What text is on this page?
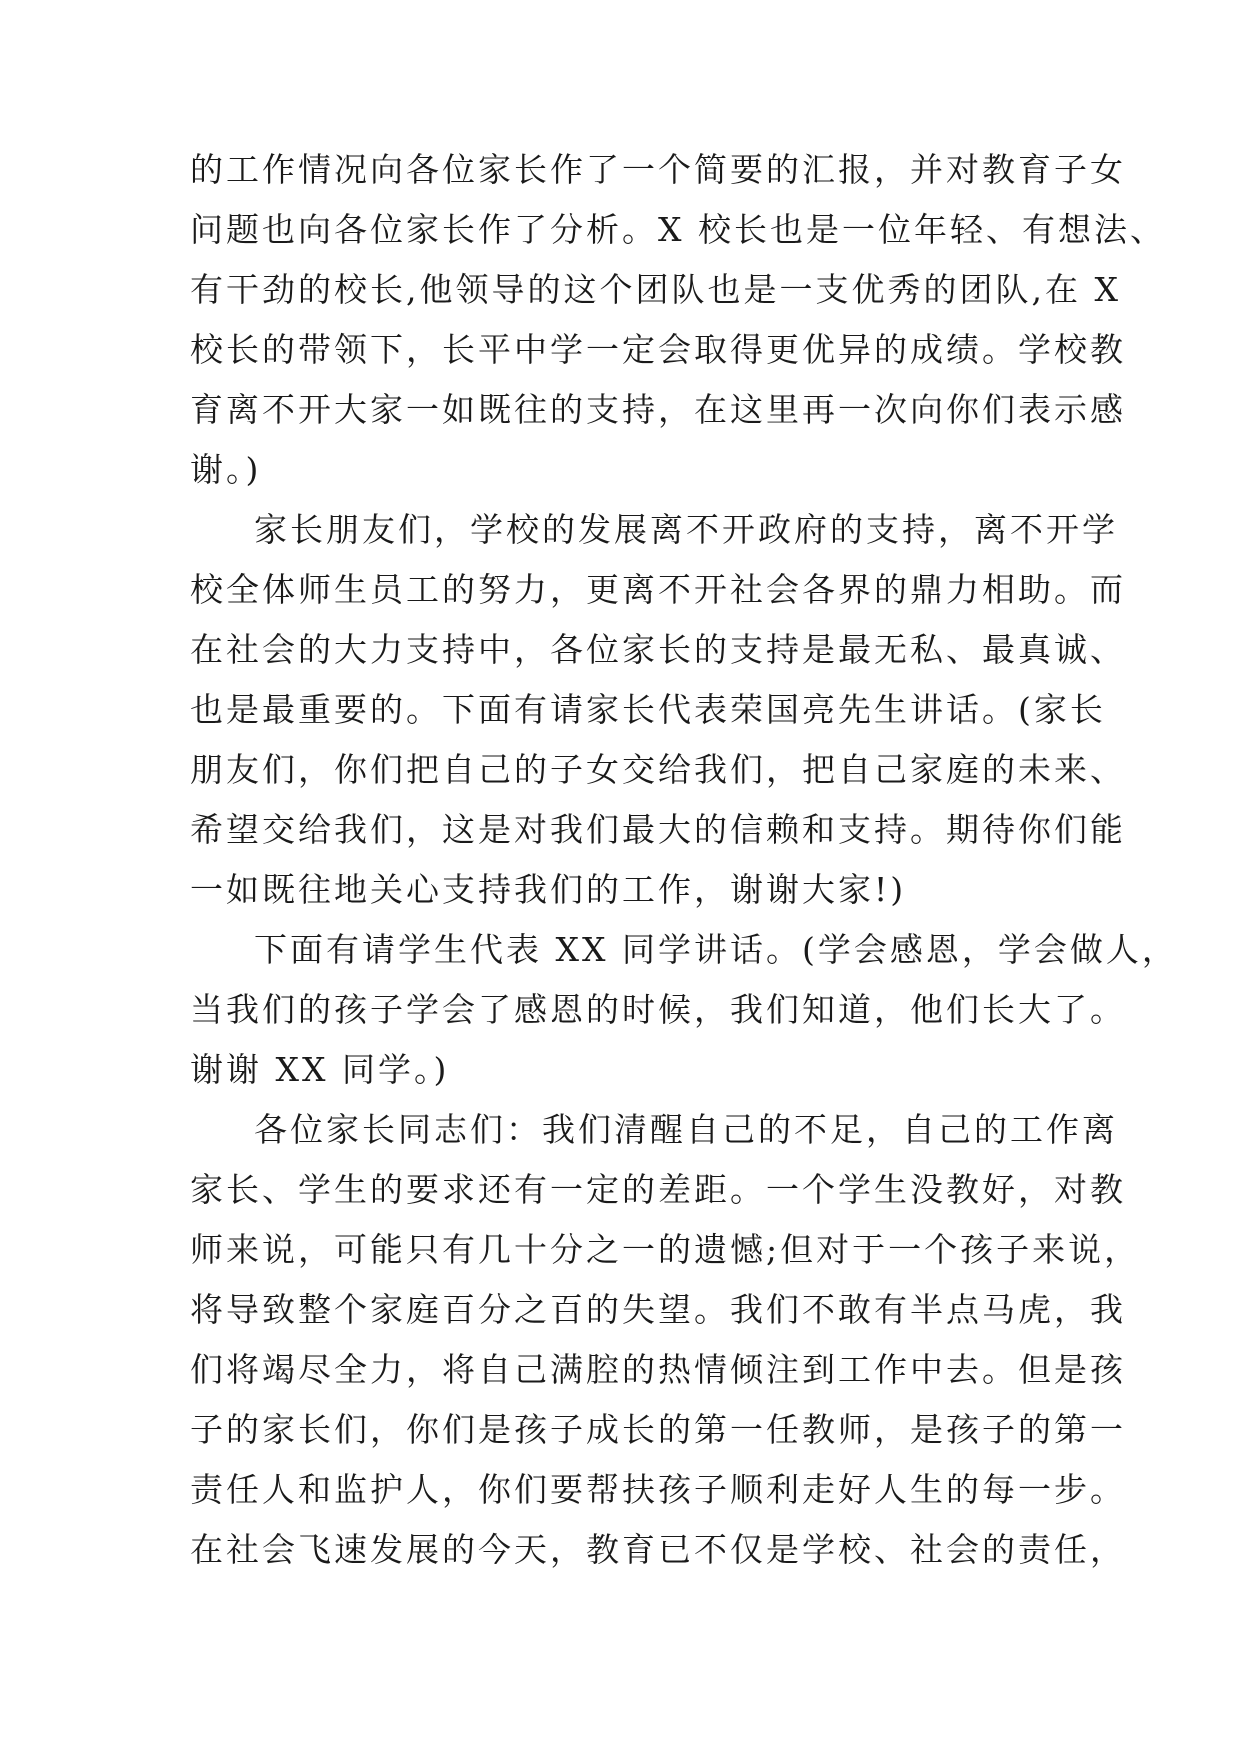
的工作情况向各位家长作了一个简要的汇报，并对教育子女
问题也向各位家长作了分析。X 校长也是一位年轻、有想法、
有干劲的校长,他领导的这个团队也是一支优秀的团队,在 X
校长的带领下，长平中学一定会取得更优异的成绩。学校教
育离不开大家一如既往的支持，在这里再一次向你们表示感
谢。)
家长朋友们，学校的发展离不开政府的支持，离不开学
校全体师生员工的努力，更离不开社会各界的鼎力相助。而
在社会的大力支持中，各位家长的支持是最无私、最真诚、
也是最重要的。下面有请家长代表荣国亮先生讲话。(家长
朋友们，你们把自己的子女交给我们，把自己家庭的未来、
希望交给我们，这是对我们最大的信赖和支持。期待你们能
一如既往地关心支持我们的工作，谢谢大家!)
下面有请学生代表 XX 同学讲话。(学会感恩，学会做人，
当我们的孩子学会了感恩的时候，我们知道，他们长大了。
谢谢 XX 同学。)
各位家长同志们：我们清醒自己的不足，自己的工作离
家长、学生的要求还有一定的差距。一个学生没教好，对教
师来说，可能只有几十分之一的遗憾;但对于一个孩子来说，
将导致整个家庭百分之百的失望。我们不敢有半点马虎，我
们将竭尽全力，将自己满腔的热情倾注到工作中去。但是孩
子的家长们，你们是孩子成长的第一任教师，是孩子的第一
责任人和监护人，你们要帮扶孩子顺利走好人生的每一步。
在社会飞速发展的今天，教育已不仅是学校、社会的责任，
